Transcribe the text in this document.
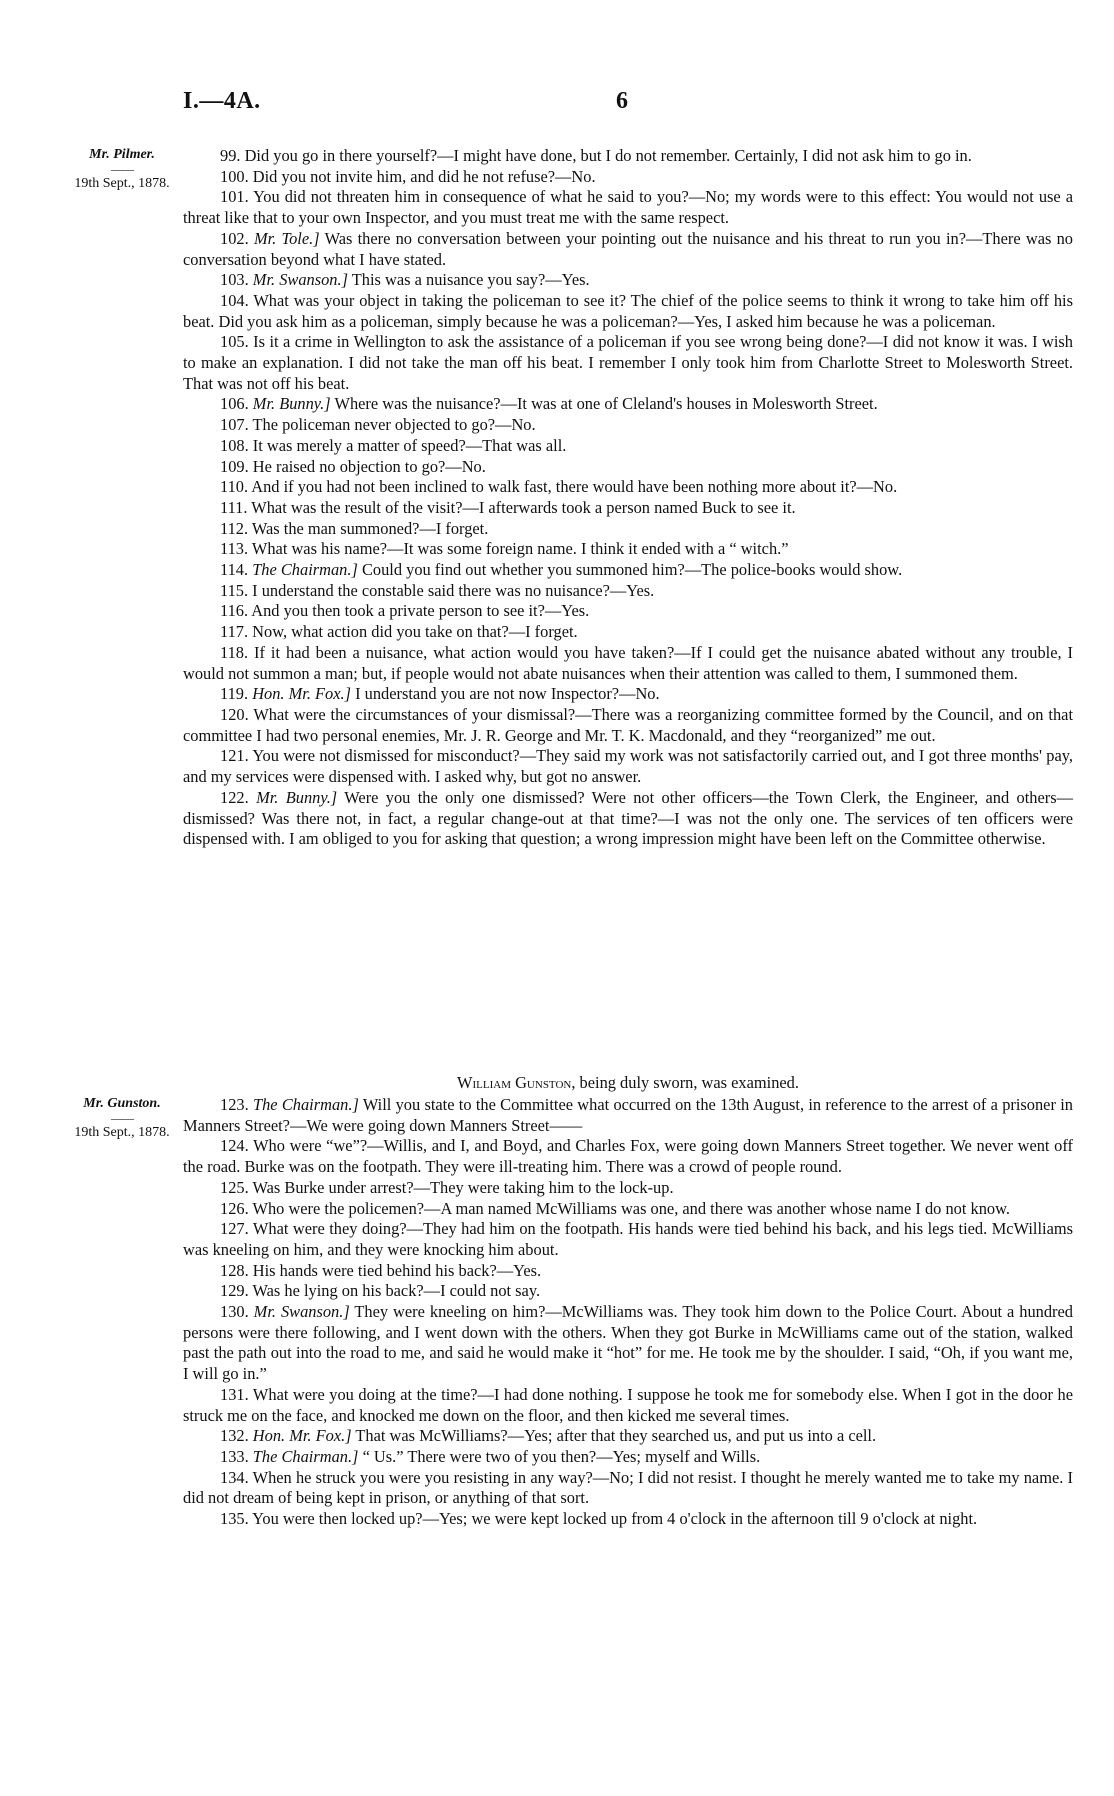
I.—4A.	6
Mr. Pilmer.
——
19th Sept., 1878.
Mr. Gunston.
——
19th Sept., 1878.

99. Did you go in there yourself?—I might have done, but I do not remember. Certainly, I did not ask him to go in.

100. Did you not invite him, and did he not refuse?—No.

101. You did not threaten him in consequence of what he said to you?—No; my words were to this effect: You would not use a threat like that to your own Inspector, and you must treat me with the same respect.

102. Mr. Tole.] Was there no conversation between your pointing out the nuisance and his threat to run you in?—There was no conversation beyond what I have stated.

103. Mr. Swanson.] This was a nuisance you say?—Yes.

104. What was your object in taking the policeman to see it? The chief of the police seems to think it wrong to take him off his beat. Did you ask him as a policeman, simply because he was a policeman?—Yes, I asked him because he was a policeman.

105. Is it a crime in Wellington to ask the assistance of a policeman if you see wrong being done?—I did not know it was. I wish to make an explanation. I did not take the man off his beat. I remember I only took him from Charlotte Street to Molesworth Street. That was not off his beat.

106. Mr. Bunny.] Where was the nuisance?—It was at one of Cleland's houses in Molesworth Street.

107. The policeman never objected to go?—No.

108. It was merely a matter of speed?—That was all.

109. He raised no objection to go?—No.

110. And if you had not been inclined to walk fast, there would have been nothing more about it?—No.

111. What was the result of the visit?—I afterwards took a person named Buck to see it.

112. Was the man summoned?—I forget.

113. What was his name?—It was some foreign name. I think it ended with a “ witch.”

114. The Chairman.] Could you find out whether you summoned him?—The police-books would show.

115. I understand the constable said there was no nuisance?—Yes.

116. And you then took a private person to see it?—Yes.

117. Now, what action did you take on that?—I forget.

118. If it had been a nuisance, what action would you have taken?—If I could get the nuisance abated without any trouble, I would not summon a man; but, if people would not abate nuisances when their attention was called to them, I summoned them.

119. Hon. Mr. Fox.] I understand you are not now Inspector?—No.

120. What were the circumstances of your dismissal?—There was a reorganizing committee formed by the Council, and on that committee I had two personal enemies, Mr. J. R. George and Mr. T. K. Macdonald, and they “reorganized” me out.

121. You were not dismissed for misconduct?—They said my work was not satisfactorily carried out, and I got three months' pay, and my services were dispensed with. I asked why, but got no answer.

122. Mr. Bunny.] Were you the only one dismissed? Were not other officers—the Town Clerk, the Engineer, and others—dismissed? Was there not, in fact, a regular change-out at that time?—I was not the only one. The services of ten officers were dispensed with. I am obliged to you for asking that question; a wrong impression might have been left on the Committee otherwise.

William Gunston, being duly sworn, was examined.

123. The Chairman.] Will you state to the Committee what occurred on the 13th August, in reference to the arrest of a prisoner in Manners Street?—We were going down Manners Street——

124. Who were “we”?—Willis, and I, and Boyd, and Charles Fox, were going down Manners Street together. We never went off the road. Burke was on the footpath. They were ill-treating him. There was a crowd of people round.

125. Was Burke under arrest?—They were taking him to the lock-up.

126. Who were the policemen?—A man named McWilliams was one, and there was another whose name I do not know.

127. What were they doing?—They had him on the footpath. His hands were tied behind his back, and his legs tied. McWilliams was kneeling on him, and they were knocking him about.

128. His hands were tied behind his back?—Yes.

129. Was he lying on his back?—I could not say.

130. Mr. Swanson.] They were kneeling on him?—McWilliams was. They took him down to the Police Court. About a hundred persons were there following, and I went down with the others. When they got Burke in McWilliams came out of the station, walked past the path out into the road to me, and said he would make it “hot” for me. He took me by the shoulder. I said, “Oh, if you want me, I will go in.”

131. What were you doing at the time?—I had done nothing. I suppose he took me for somebody else. When I got in the door he struck me on the face, and knocked me down on the floor, and then kicked me several times.

132. Hon. Mr. Fox.] That was McWilliams?—Yes; after that they searched us, and put us into a cell.

133. The Chairman.] “ Us.” There were two of you then?—Yes; myself and Wills.

134. When he struck you were you resisting in any way?—No; I did not resist. I thought he merely wanted me to take my name. I did not dream of being kept in prison, or anything of that sort.

135. You were then locked up?—Yes; we were kept locked up from 4 o'clock in the afternoon till 9 o'clock at night.
